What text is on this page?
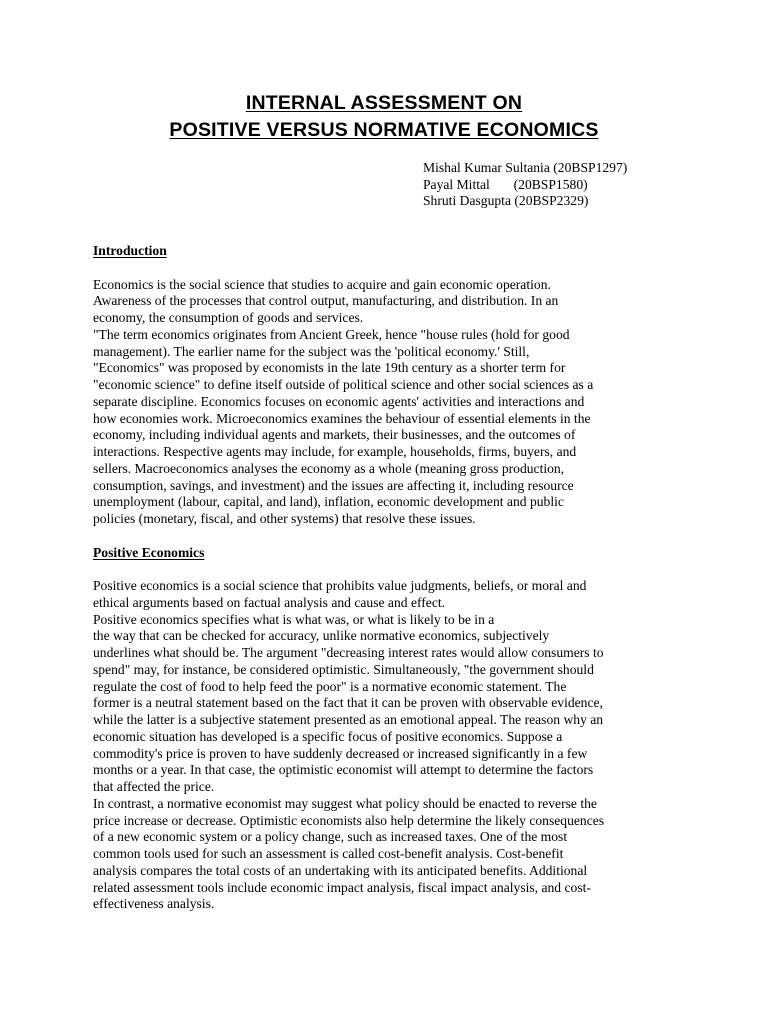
INTERNAL ASSESSMENT ON
POSITIVE VERSUS NORMATIVE ECONOMICS
Mishal Kumar Sultania (20BSP1297)
Payal Mittal       (20BSP1580)
Shruti Dasgupta (20BSP2329)
Introduction
Economics is the social science that studies to acquire and gain economic operation.
Awareness of the processes that control output, manufacturing, and distribution. In an
economy, the consumption of goods and services.
"The term economics originates from Ancient Greek, hence "house rules (hold for good
management). The earlier name for the subject was the 'political economy.' Still,
"Economics" was proposed by economists in the late 19th century as a shorter term for
"economic science" to define itself outside of political science and other social sciences as a
separate discipline. Economics focuses on economic agents' activities and interactions and
how economies work. Microeconomics examines the behaviour of essential elements in the
economy, including individual agents and markets, their businesses, and the outcomes of
interactions. Respective agents may include, for example, households, firms, buyers, and
sellers. Macroeconomics analyses the economy as a whole (meaning gross production,
consumption, savings, and investment) and the issues are affecting it, including resource
unemployment (labour, capital, and land), inflation, economic development and public
policies (monetary, fiscal, and other systems) that resolve these issues.
Positive Economics
Positive economics is a social science that prohibits value judgments, beliefs, or moral and
ethical arguments based on factual analysis and cause and effect.
Positive economics specifies what is what was, or what is likely to be in a
the way that can be checked for accuracy, unlike normative economics, subjectively
underlines what should be. The argument "decreasing interest rates would allow consumers to
spend" may, for instance, be considered optimistic. Simultaneously, "the government should
regulate the cost of food to help feed the poor" is a normative economic statement. The
former is a neutral statement based on the fact that it can be proven with observable evidence,
while the latter is a subjective statement presented as an emotional appeal. The reason why an
economic situation has developed is a specific focus of positive economics. Suppose a
commodity's price is proven to have suddenly decreased or increased significantly in a few
months or a year. In that case, the optimistic economist will attempt to determine the factors
that affected the price.
In contrast, a normative economist may suggest what policy should be enacted to reverse the
price increase or decrease. Optimistic economists also help determine the likely consequences
of a new economic system or a policy change, such as increased taxes. One of the most
common tools used for such an assessment is called cost-benefit analysis. Cost-benefit
analysis compares the total costs of an undertaking with its anticipated benefits. Additional
related assessment tools include economic impact analysis, fiscal impact analysis, and cost-
effectiveness analysis.
